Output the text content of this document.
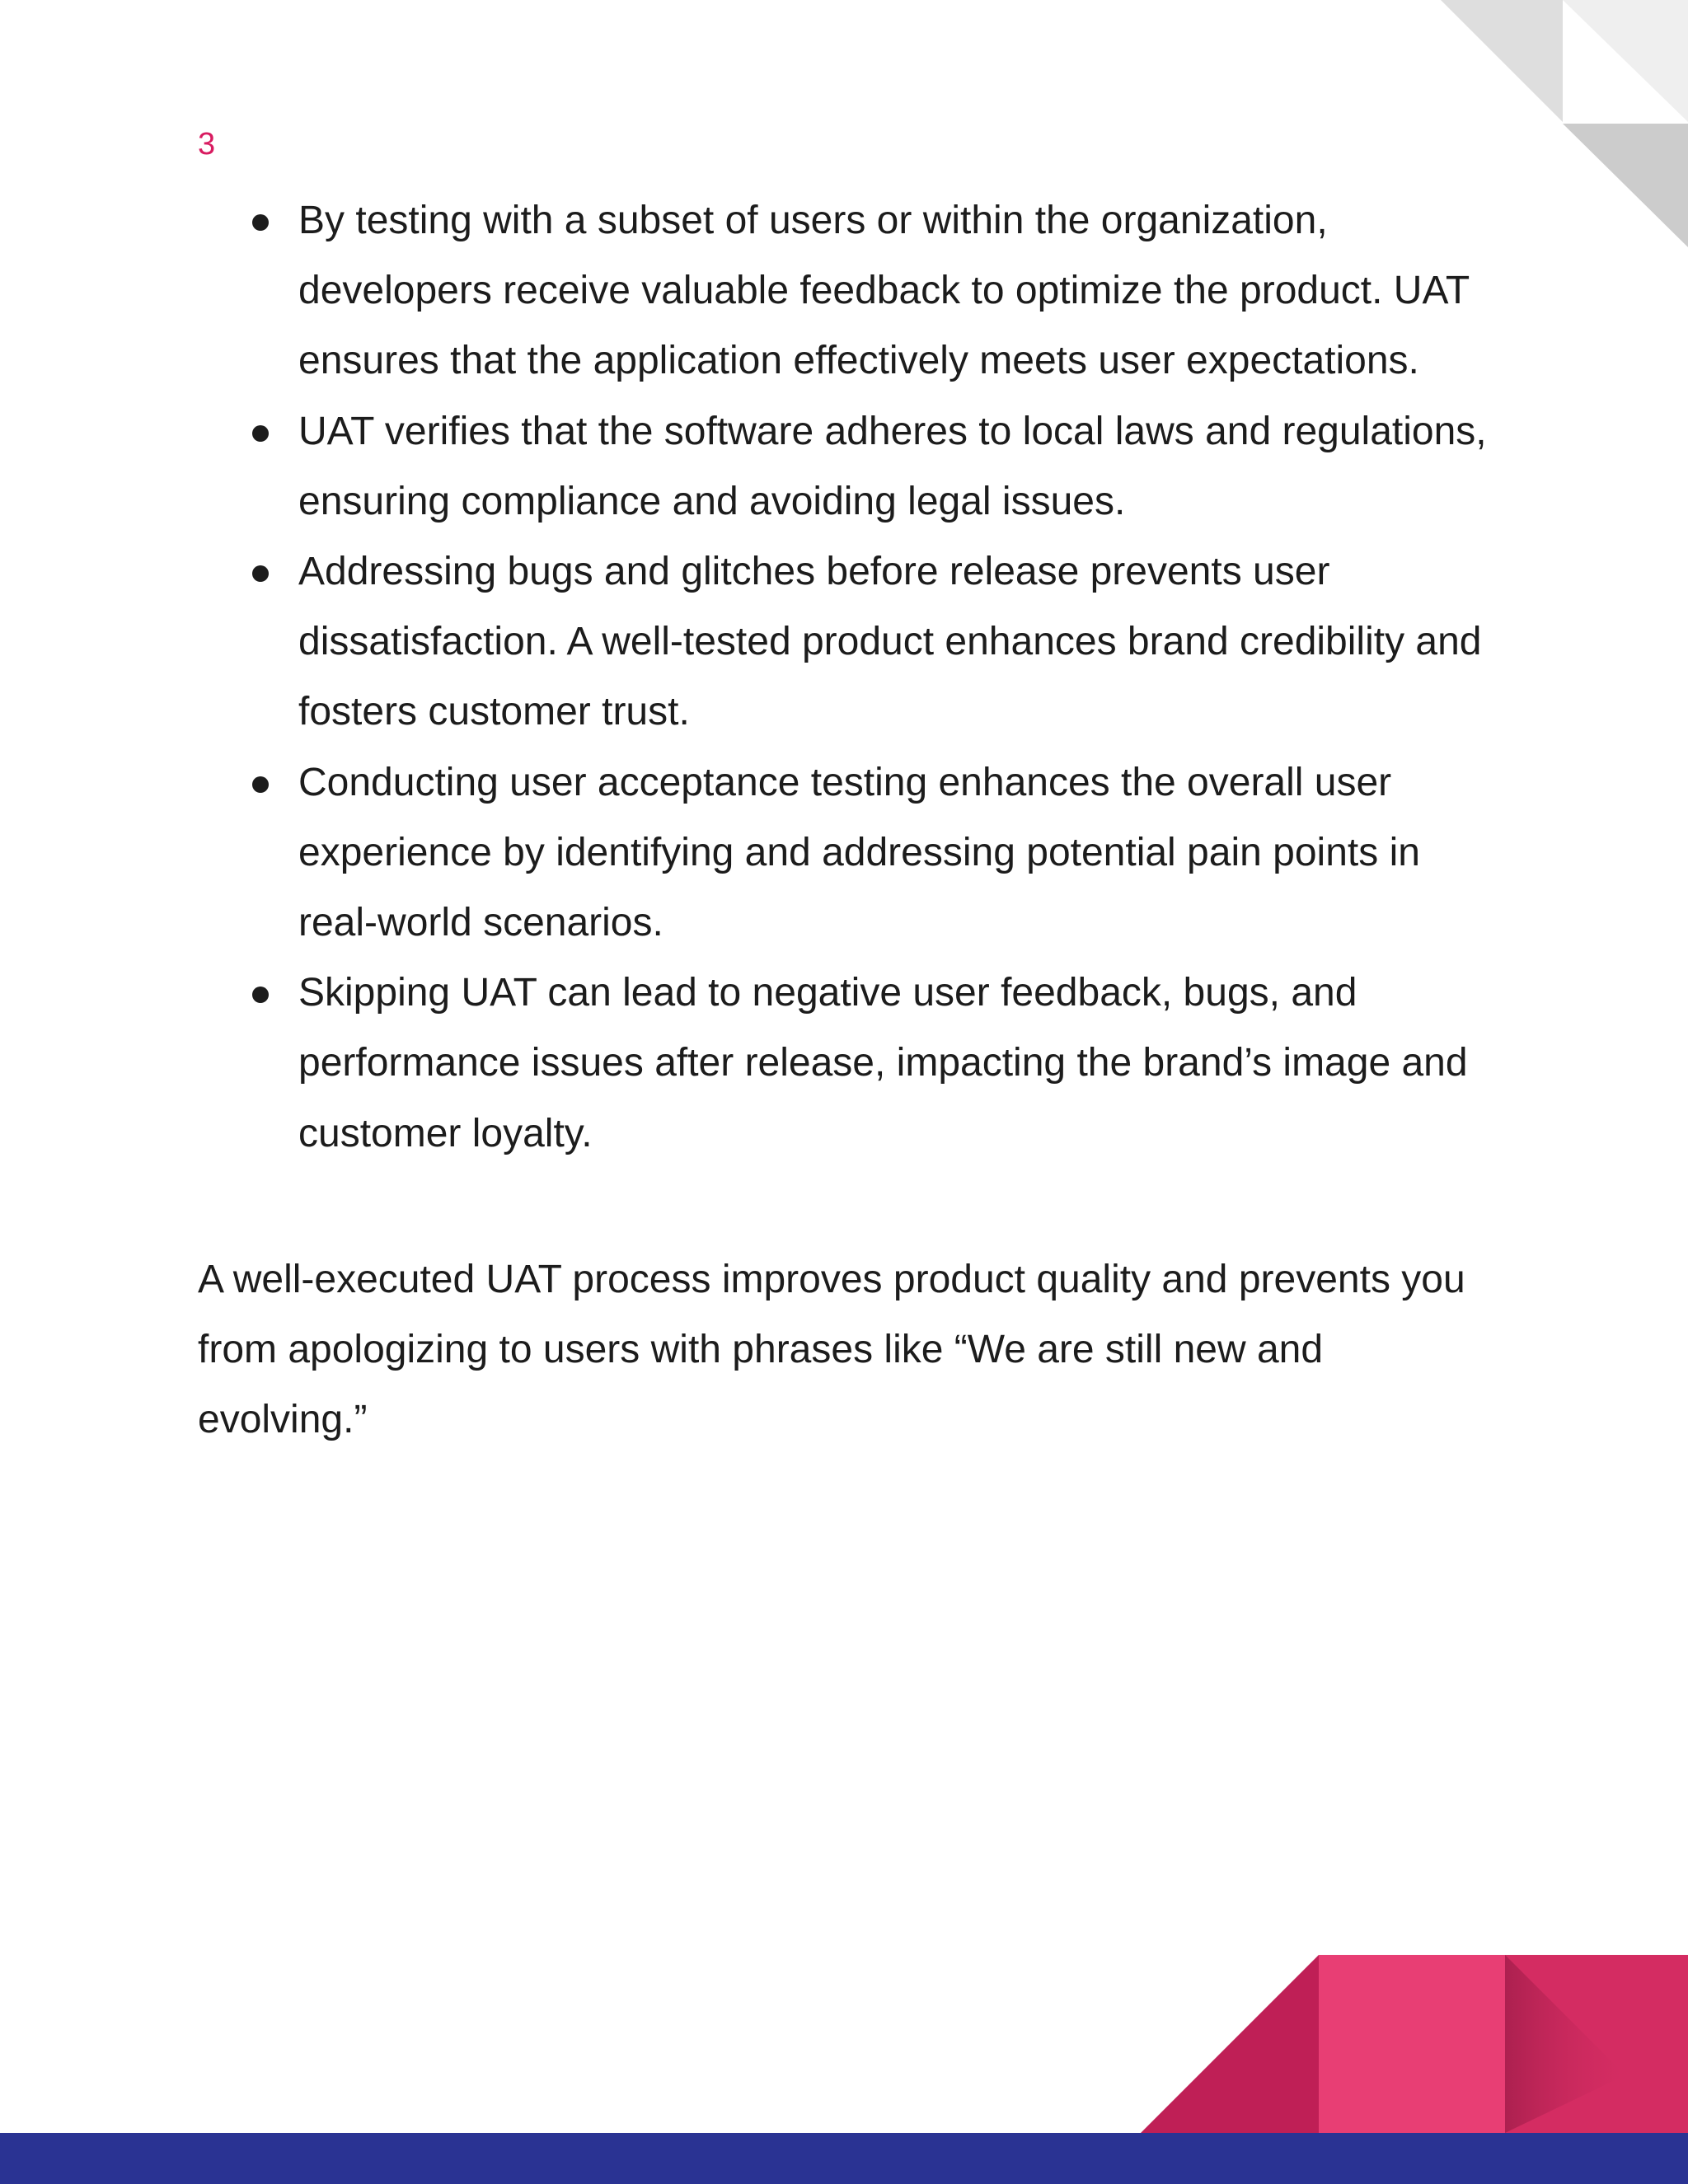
3
By testing with a subset of users or within the organization, developers receive valuable feedback to optimize the product. UAT ensures that the application effectively meets user expectations.
UAT verifies that the software adheres to local laws and regulations, ensuring compliance and avoiding legal issues.
Addressing bugs and glitches before release prevents user dissatisfaction. A well-tested product enhances brand credibility and fosters customer trust.
Conducting user acceptance testing enhances the overall user experience by identifying and addressing potential pain points in real-world scenarios.
Skipping UAT can lead to negative user feedback, bugs, and performance issues after release, impacting the brand’s image and customer loyalty.

A well-executed UAT process improves product quality and prevents you from apologizing to users with phrases like “We are still new and evolving.”
